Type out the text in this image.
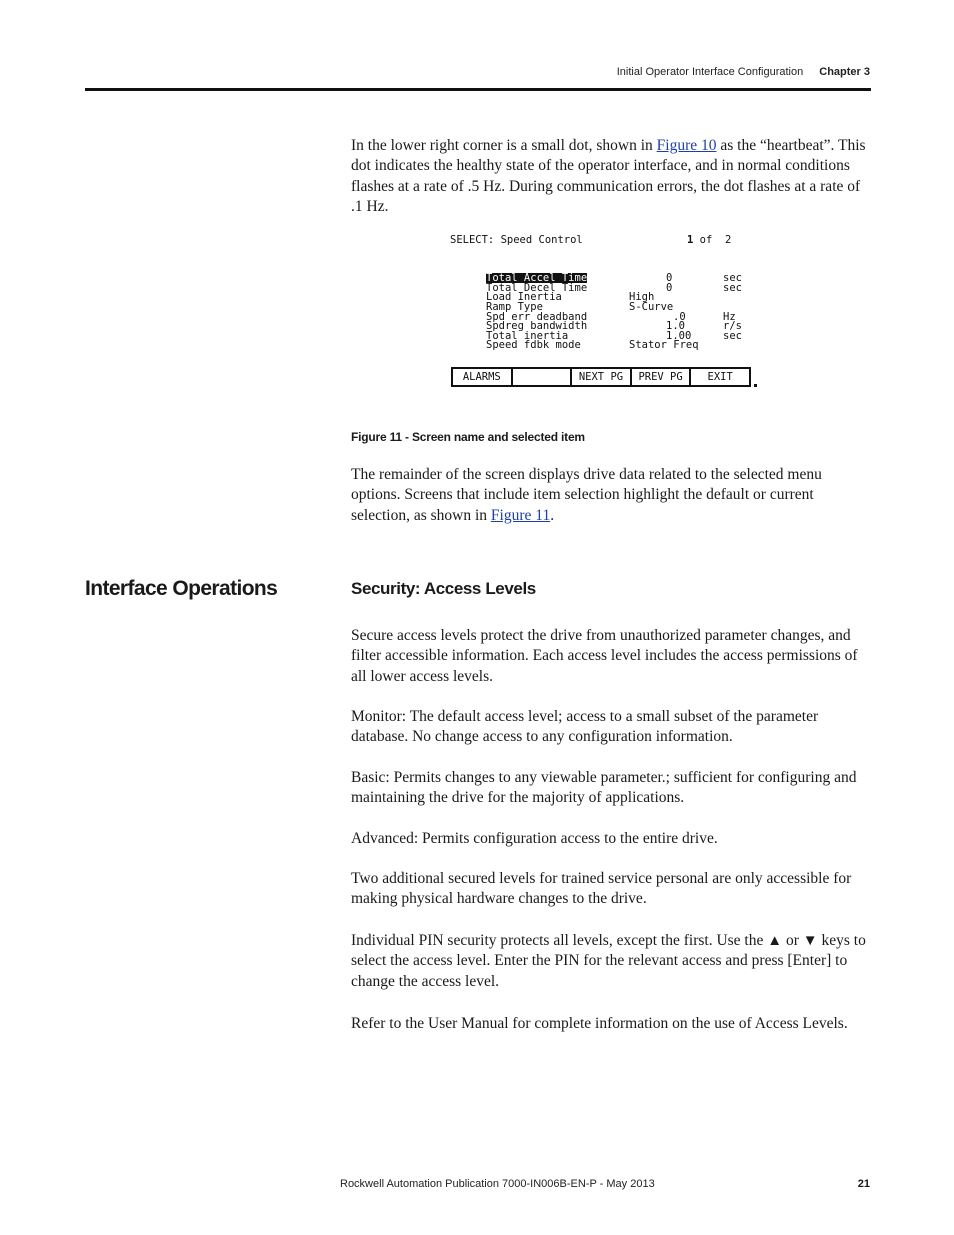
Initial Operator Interface Configuration Chapter 3

In the lower right corner is a small dot, shown in Figure 10 as the “heartbeat”. This dot indicates the healthy state of the operator interface, and in normal conditions flashes at a rate of .5 Hz. During communication errors, the dot flashes at a rate of .1 Hz.

SELECT: Speed Control	1 of 2
Total Accel Time	0	sec
Total Decel Time	0	sec
Load Inertia	High
Ramp Type	S-Curve
Spd err deadband	.0	Hz
Spdreg bandwidth	1.0	r/s
Total inertia	1.00	sec
Speed fdbk mode	Stator Freq
ALARMS	NEXT PG	PREV PG	EXIT
Figure 11 - Screen name and selected item

The remainder of the screen displays drive data related to the selected menu options. Screens that include item selection highlight the default or current selection, as shown in Figure 11.

Interface Operations	Security: Access Levels

Secure access levels protect the drive from unauthorized parameter changes, and filter accessible information. Each access level includes the access permissions of all lower access levels.

Monitor: The default access level; access to a small subset of the parameter database. No change access to any configuration information.

Basic: Permits changes to any viewable parameter.; sufficient for configuring and maintaining the drive for the majority of applications.

Advanced: Permits configuration access to the entire drive.

Two additional secured levels for trained service personal are only accessible for making physical hardware changes to the drive.

Individual PIN security protects all levels, except the first. Use the ▲ or ▼ keys to select the access level. Enter the PIN for the relevant access and press [Enter] to change the access level.

Refer to the User Manual for complete information on the use of Access Levels.

Rockwell Automation Publication 7000-IN006B-EN-P - May 2013	21
